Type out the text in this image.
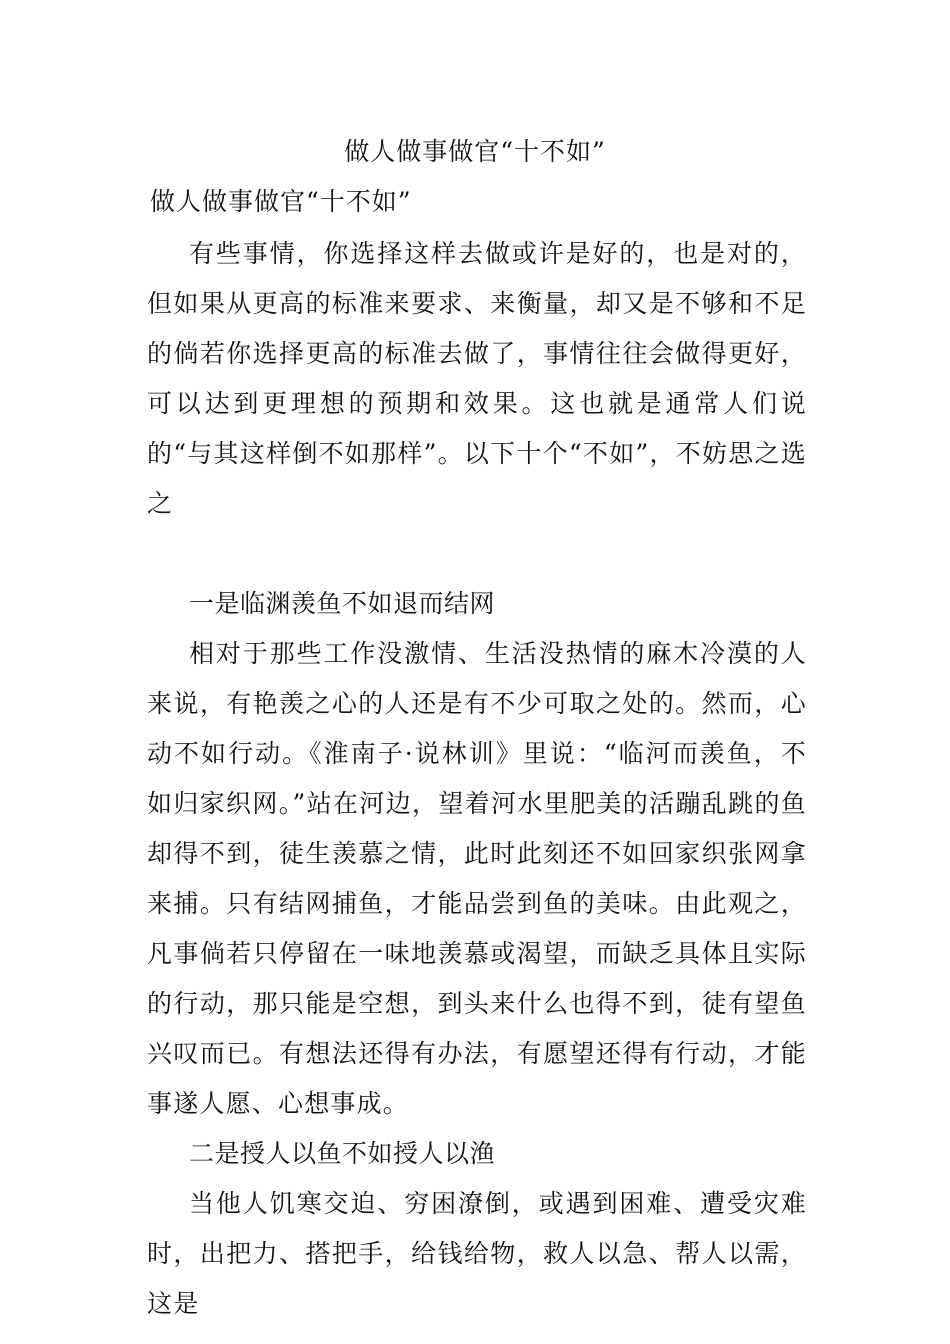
做人做事做官“十不如”
做人做事做官“十不如”

有些事情，你选择这样去做或许是好的，也是对的，但如果从更高的标准来要求、来衡量，却又是不够和不足的倘若你选择更高的标准去做了，事情往往会做得更好，可以达到更理想的预期和效果。这也就是通常人们说的“与其这样倒不如那样”。以下十个“不如”，不妨思之选之

一是临渊羡鱼不如退而结网

相对于那些工作没激情、生活没热情的麻木冷漠的人来说，有艳羡之心的人还是有不少可取之处的。然而，心动不如行动。《淮南子·说林训》里说：“临河而羡鱼，不如归家织网。”站在河边，望着河水里肥美的活蹦乱跳的鱼却得不到，徒生羡慕之情，此时此刻还不如回家织张网拿来捕。只有结网捕鱼，才能品尝到鱼的美味。由此观之，凡事倘若只停留在一味地羡慕或渴望，而缺乏具体且实际的行动，那只能是空想，到头来什么也得不到，徒有望鱼兴叹而已。有想法还得有办法，有愿望还得有行动，才能事遂人愿、心想事成。

二是授人以鱼不如授人以渔

当他人饥寒交迫、穷困潦倒，或遇到困难、遭受灾难时，出把力、搭把手，给钱给物，救人以急、帮人以需，这是
